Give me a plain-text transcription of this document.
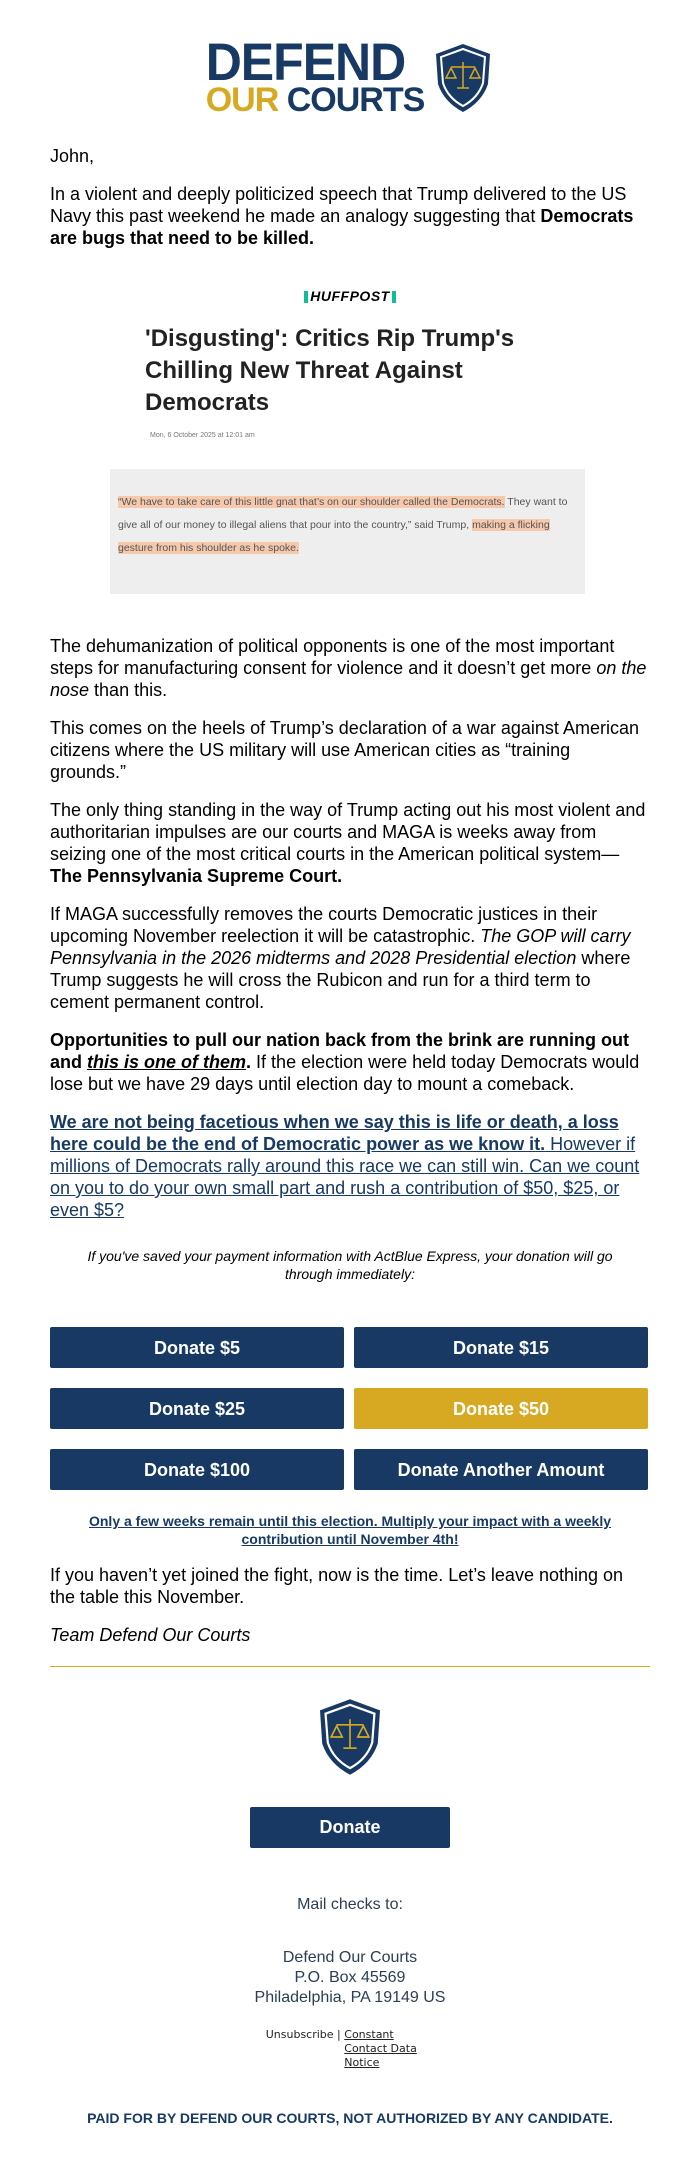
DEFEND
OUR COURTS

John,

In a violent and deeply politicized speech that Trump delivered to the US Navy this past weekend he made an analogy suggesting that Democrats are bugs that need to be killed.

HUFFPOST
'Disgusting': Critics Rip Trump's Chilling New Threat Against Democrats
Mon, 6 October 2025 at 12:01 am
“We have to take care of this little gnat that’s on our shoulder called the Democrats. They want to give all of our money to illegal aliens that pour into the country,” said Trump, making a flicking gesture from his shoulder as he spoke.

The dehumanization of political opponents is one of the most important steps for manufacturing consent for violence and it doesn’t get more on the nose than this.

This comes on the heels of Trump’s declaration of a war against American citizens where the US military will use American cities as “training grounds.”

The only thing standing in the way of Trump acting out his most violent and authoritarian impulses are our courts and MAGA is weeks away from seizing one of the most critical courts in the American political system—The Pennsylvania Supreme Court.

If MAGA successfully removes the courts Democratic justices in their upcoming November reelection it will be catastrophic. The GOP will carry Pennsylvania in the 2026 midterms and 2028 Presidential election where Trump suggests he will cross the Rubicon and run for a third term to cement permanent control.

Opportunities to pull our nation back from the brink are running out and this is one of them. If the election were held today Democrats would lose but we have 29 days until election day to mount a comeback.

We are not being facetious when we say this is life or death, a loss here could be the end of Democratic power as we know it. However if millions of Democrats rally around this race we can still win. Can we count on you to do your own small part and rush a contribution of $50, $25, or even $5?

If you've saved your payment information with ActBlue Express, your donation will go through immediately:
Donate $5	Donate $15
Donate $25	Donate $50
Donate $100	Donate Another Amount
Only a few weeks remain until this election. Multiply your impact with a weekly contribution until November 4th!

If you haven’t yet joined the fight, now is the time. Let’s leave nothing on the table this November.

Team Defend Our Courts

Donate
Mail checks to:
Defend Our Courts
P.O. Box 45569
Philadelphia, PA 19149 US
Unsubscribe | Constant Contact Data Notice
PAID FOR BY DEFEND OUR COURTS, NOT AUTHORIZED BY ANY CANDIDATE.
